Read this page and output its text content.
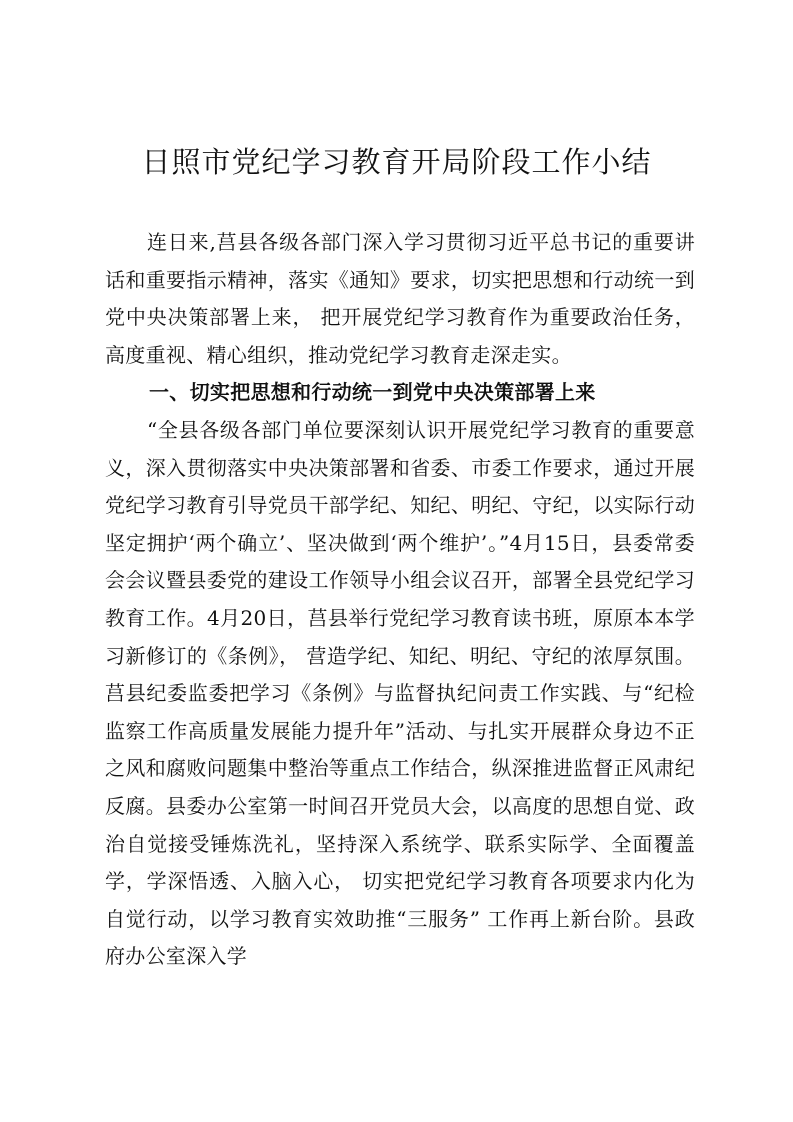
日照市党纪学习教育开局阶段工作小结

连日来,莒县各级各部门深入学习贯彻习近平总书记的重要讲话和重要指示精神，落实《通知》要求，切实把思想和行动统一到党中央决策部署上来， 把开展党纪学习教育作为重要政治任务，高度重视、精心组织，推动党纪学习教育走深走实。

一、切实把思想和行动统一到党中央决策部署上来

“全县各级各部门单位要深刻认识开展党纪学习教育的重要意义，深入贯彻落实中央决策部署和省委、市委工作要求，通过开展党纪学习教育引导党员干部学纪、知纪、明纪、守纪，以实际行动坚定拥护‘两个确立’、坚决做到‘两个维护’。”4月15日，县委常委会会议暨县委党的建设工作领导小组会议召开，部署全县党纪学习教育工作。4月20日，莒县举行党纪学习教育读书班，原原本本学习新修订的《条例》， 营造学纪、知纪、明纪、守纪的浓厚氛围。莒县纪委监委把学习《条例》与监督执纪问责工作实践、与“纪检监察工作高质量发展能力提升年”活动、与扎实开展群众身边不正之风和腐败问题集中整治等重点工作结合，纵深推进监督正风肃纪反腐。县委办公室第一时间召开党员大会，以高度的思想自觉、政治自觉接受锤炼洗礼，坚持深入系统学、联系实际学、全面覆盖学，学深悟透、入脑入心， 切实把党纪学习教育各项要求内化为自觉行动，以学习教育实效助推“三服务” 工作再上新台阶。县政府办公室深入学
